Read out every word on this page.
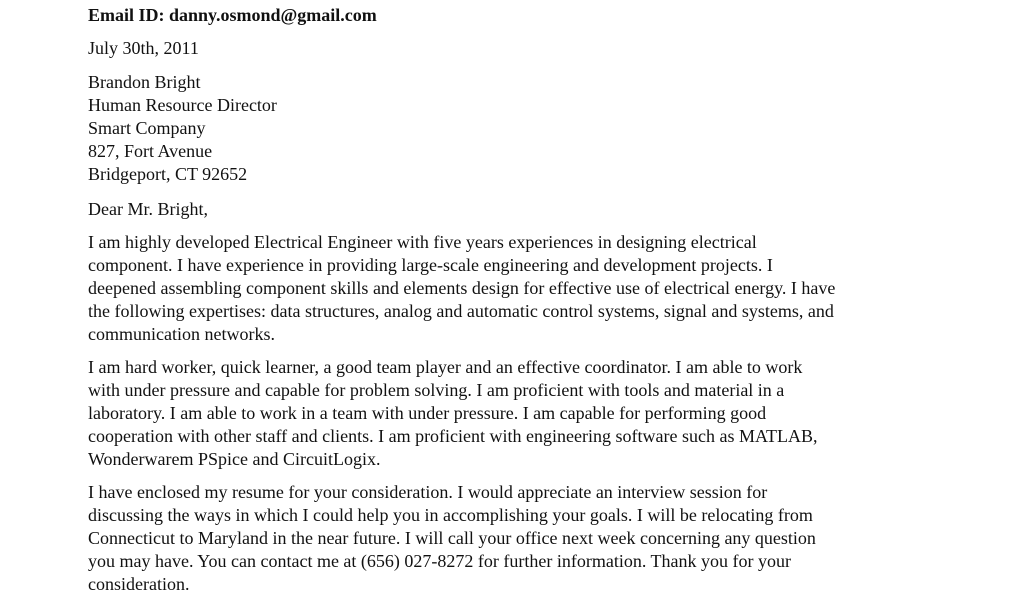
Email ID: danny.osmond@gmail.com
July 30th, 2011
Brandon Bright
Human Resource Director
Smart Company
827, Fort Avenue
Bridgeport, CT 92652
Dear Mr. Bright,
I am highly developed Electrical Engineer with five years experiences in designing electrical
component. I have experience in providing large-scale engineering and development projects. I
deepened assembling component skills and elements design for effective use of electrical energy. I have
the following expertises: data structures, analog and automatic control systems, signal and systems, and
communication networks.
I am hard worker, quick learner, a good team player and an effective coordinator. I am able to work
with under pressure and capable for problem solving. I am proficient with tools and material in a
laboratory. I am able to work in a team with under pressure. I am capable for performing good
cooperation with other staff and clients. I am proficient with engineering software such as MATLAB,
Wonderwarem PSpice and CircuitLogix.
I have enclosed my resume for your consideration. I would appreciate an interview session for
discussing the ways in which I could help you in accomplishing your goals. I will be relocating from
Connecticut to Maryland in the near future. I will call your office next week concerning any question
you may have. You can contact me at (656) 027-8272 for further information. Thank you for your
consideration.
